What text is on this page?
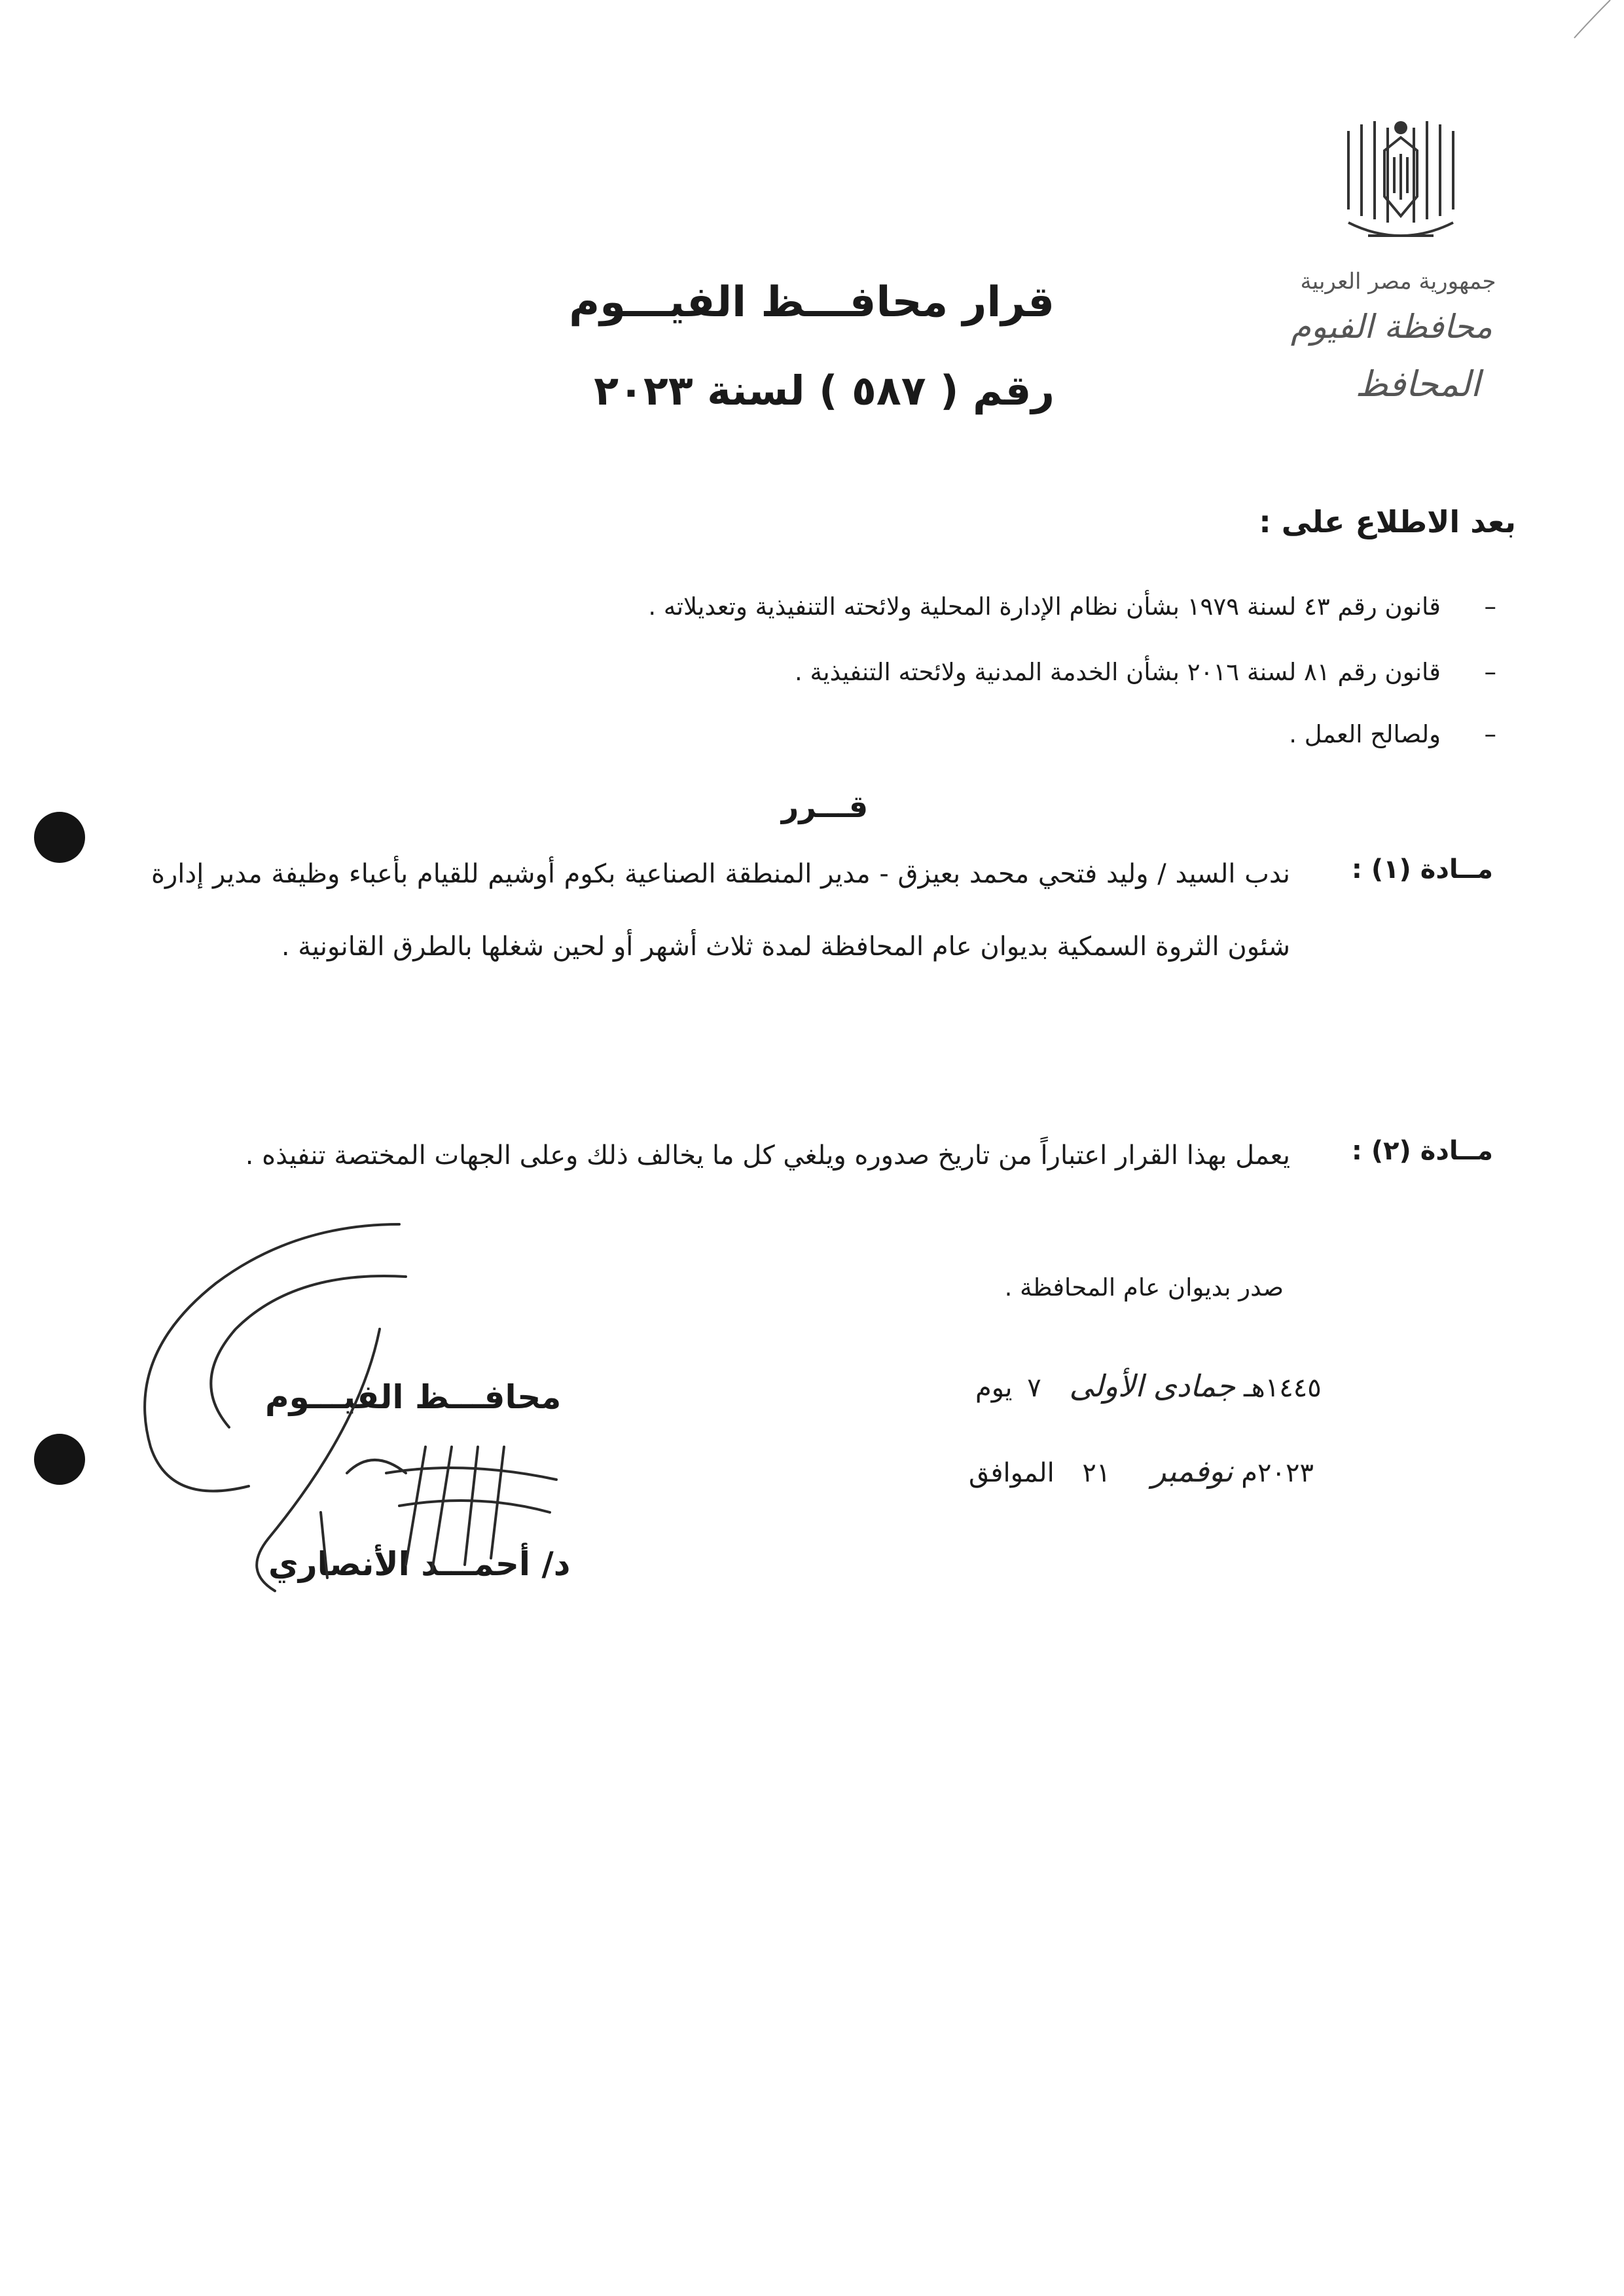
جمهورية مصر العربية
محافظة الفيوم
المحافظ
قرار محافـــظ الفيـــوم
رقم ( ٥٨٧ ) لسنة ٢٠٢٣
بعد الاطلاع على :
–
قانون رقم ٤٣ لسنة ١٩٧٩ بشأن نظام الإدارة المحلية ولائحته التنفيذية وتعديلاته .
–
قانون رقم ٨١ لسنة ٢٠١٦ بشأن الخدمة المدنية ولائحته التنفيذية .
–
ولصالح العمل .
قـــرر
مــادة (١) :
ندب السيد / وليد فتحي محمد بعيزق - مدير المنطقة الصناعية بكوم أوشيم للقيام بأعباء وظيفة مدير إدارة شئون الثروة السمكية بديوان عام المحافظة لمدة ثلاث أشهر أو لحين شغلها بالطرق القانونية .
مــادة (٢) :
يعمل بهذا القرار اعتباراً من تاريخ صدوره ويلغي كل ما يخالف ذلك وعلى الجهات المختصة تنفيذه .
صدر بديوان عام المحافظة .
١٤٤٥هـ جمادى الأولى ٧ يوم
٢٠٢٣م نوفمبر ٢١ الموافق
محافـــظ الفيـــوم
د/ أحمـــد الأنصاري
